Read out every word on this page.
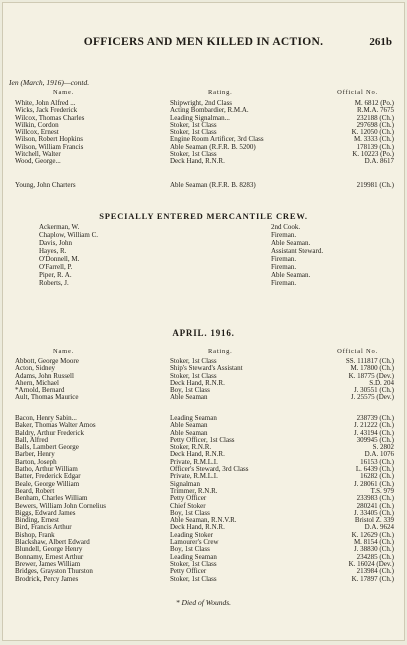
OFFICERS AND MEN KILLED IN ACTION.	261b
Ien (March, 1916)—contd.
Name.	Rating.	Official No.
White, John Alfred ...	Shipwright, 2nd Class	M. 6812 (Po.)
Wicks, Jack Frederick	Acting Bombardier, R.M.A.	R.M.A. 7675
Wilcox, Thomas Charles	Leading Signalman...	232188 (Ch.)
Wilkin, Cordon	Stoker, 1st Class	297698 (Ch.)
Willcox, Ernest	Stoker, 1st Class	K. 12050 (Ch.)
Wilson, Robert Hopkins	Engine Room Artificer, 3rd Class	M. 3333 (Ch.)
Wilson, William Francis	Able Seaman (R.F.R. B. 5200)	178139 (Ch.)
Witchell, Walter	Stoker, 1st Class	K. 10223 (Po.)
Wood, George...	Deck Hand, R.N.R.	D.A. 8617
Young, John Charters	Able Seaman (R.F.R. B. 8283)	219981 (Ch.)
SPECIALLY ENTERED MERCANTILE CREW.
Ackerman, W.	2nd Cook.
Chaplow, William C.	Fireman.
Davis, John	Able Seaman.
Hayes, R.	Assistant Steward.
O'Donnell, M.	Fireman.
O'Farrell, P.	Fireman.
Piper, R. A.	Able Seaman.
Roberts, J.	Fireman.
APRIL. 1916.
Name.	Rating.	Official No.
Abbott, George Moore	Stoker, 1st Class	SS. 111817 (Ch.)
Acton, Sidney	Ship's Steward's Assistant	M. 17800 (Ch.)
Adams, John Russell	Stoker, 1st Class	K. 18775 (Dev.)
Ahern, Michael	Deck Hand, R.N.R.	S.D. 204
*Arnold, Bernard	Boy, 1st Class	J. 30551 (Ch.)
Ault, Thomas Maurice	Able Seaman	J. 25575 (Dev.)
Bacon, Henry Sabin...	Leading Seaman	238739 (Ch.)
Baker, Thomas Walter Amos	Able Seaman	J. 21222 (Ch.)
Baldry, Arthur Frederick	Able Seaman	J. 43194 (Ch.)
Ball, Alfred	Petty Officer, 1st Class	309945 (Ch.)
Balls, Lambert George	Stoker, R.N.R.	S. 2802
Barber, Henry	Deck Hand, R.N.R.	D.A. 1076
Barton, Joseph	Private, R.M.L.I.	16153 (Ch.)
Batho, Arthur William	Officer's Steward, 3rd Class	L. 6439 (Ch.)
Batter, Frederick Edgar	Private, R.M.L.I.	16282 (Ch.)
Beale, George William	Signalman	J. 28061 (Ch.)
Beard, Robert	Trimmer, R.N.R.	T.S. 979
Benham, Charles William	Petty Officer	233983 (Ch.)
Bewers, William John Cornelius	Chief Stoker	280241 (Ch.)
Biggs, Edward James	Boy, 1st Class	J. 33405 (Ch.)
Binding, Ernest	Able Seaman, R.N.V.R.	Bristol Z. 339
Bird, Francis Arthur	Deck Hand, R.N.R.	D.A. 9624
Bishop, Frank	Leading Stoker	K. 12629 (Ch.)
Blackshaw, Albert Edward	Lamourer's Crew	M. 8154 (Ch.)
Blundell, George Henry	Boy, 1st Class	J. 38830 (Ch.)
Bonnamy, Ernest Arthur	Leading Seaman	234285 (Ch.)
Brewer, James William	Stoker, 1st Class	K. 16024 (Dev.)
Bridges, Grayston Thurston	Petty Officer	213984 (Ch.)
Brodrick, Percy James	Stoker, 1st Class	K. 17897 (Ch.)
* Died of Wounds.
